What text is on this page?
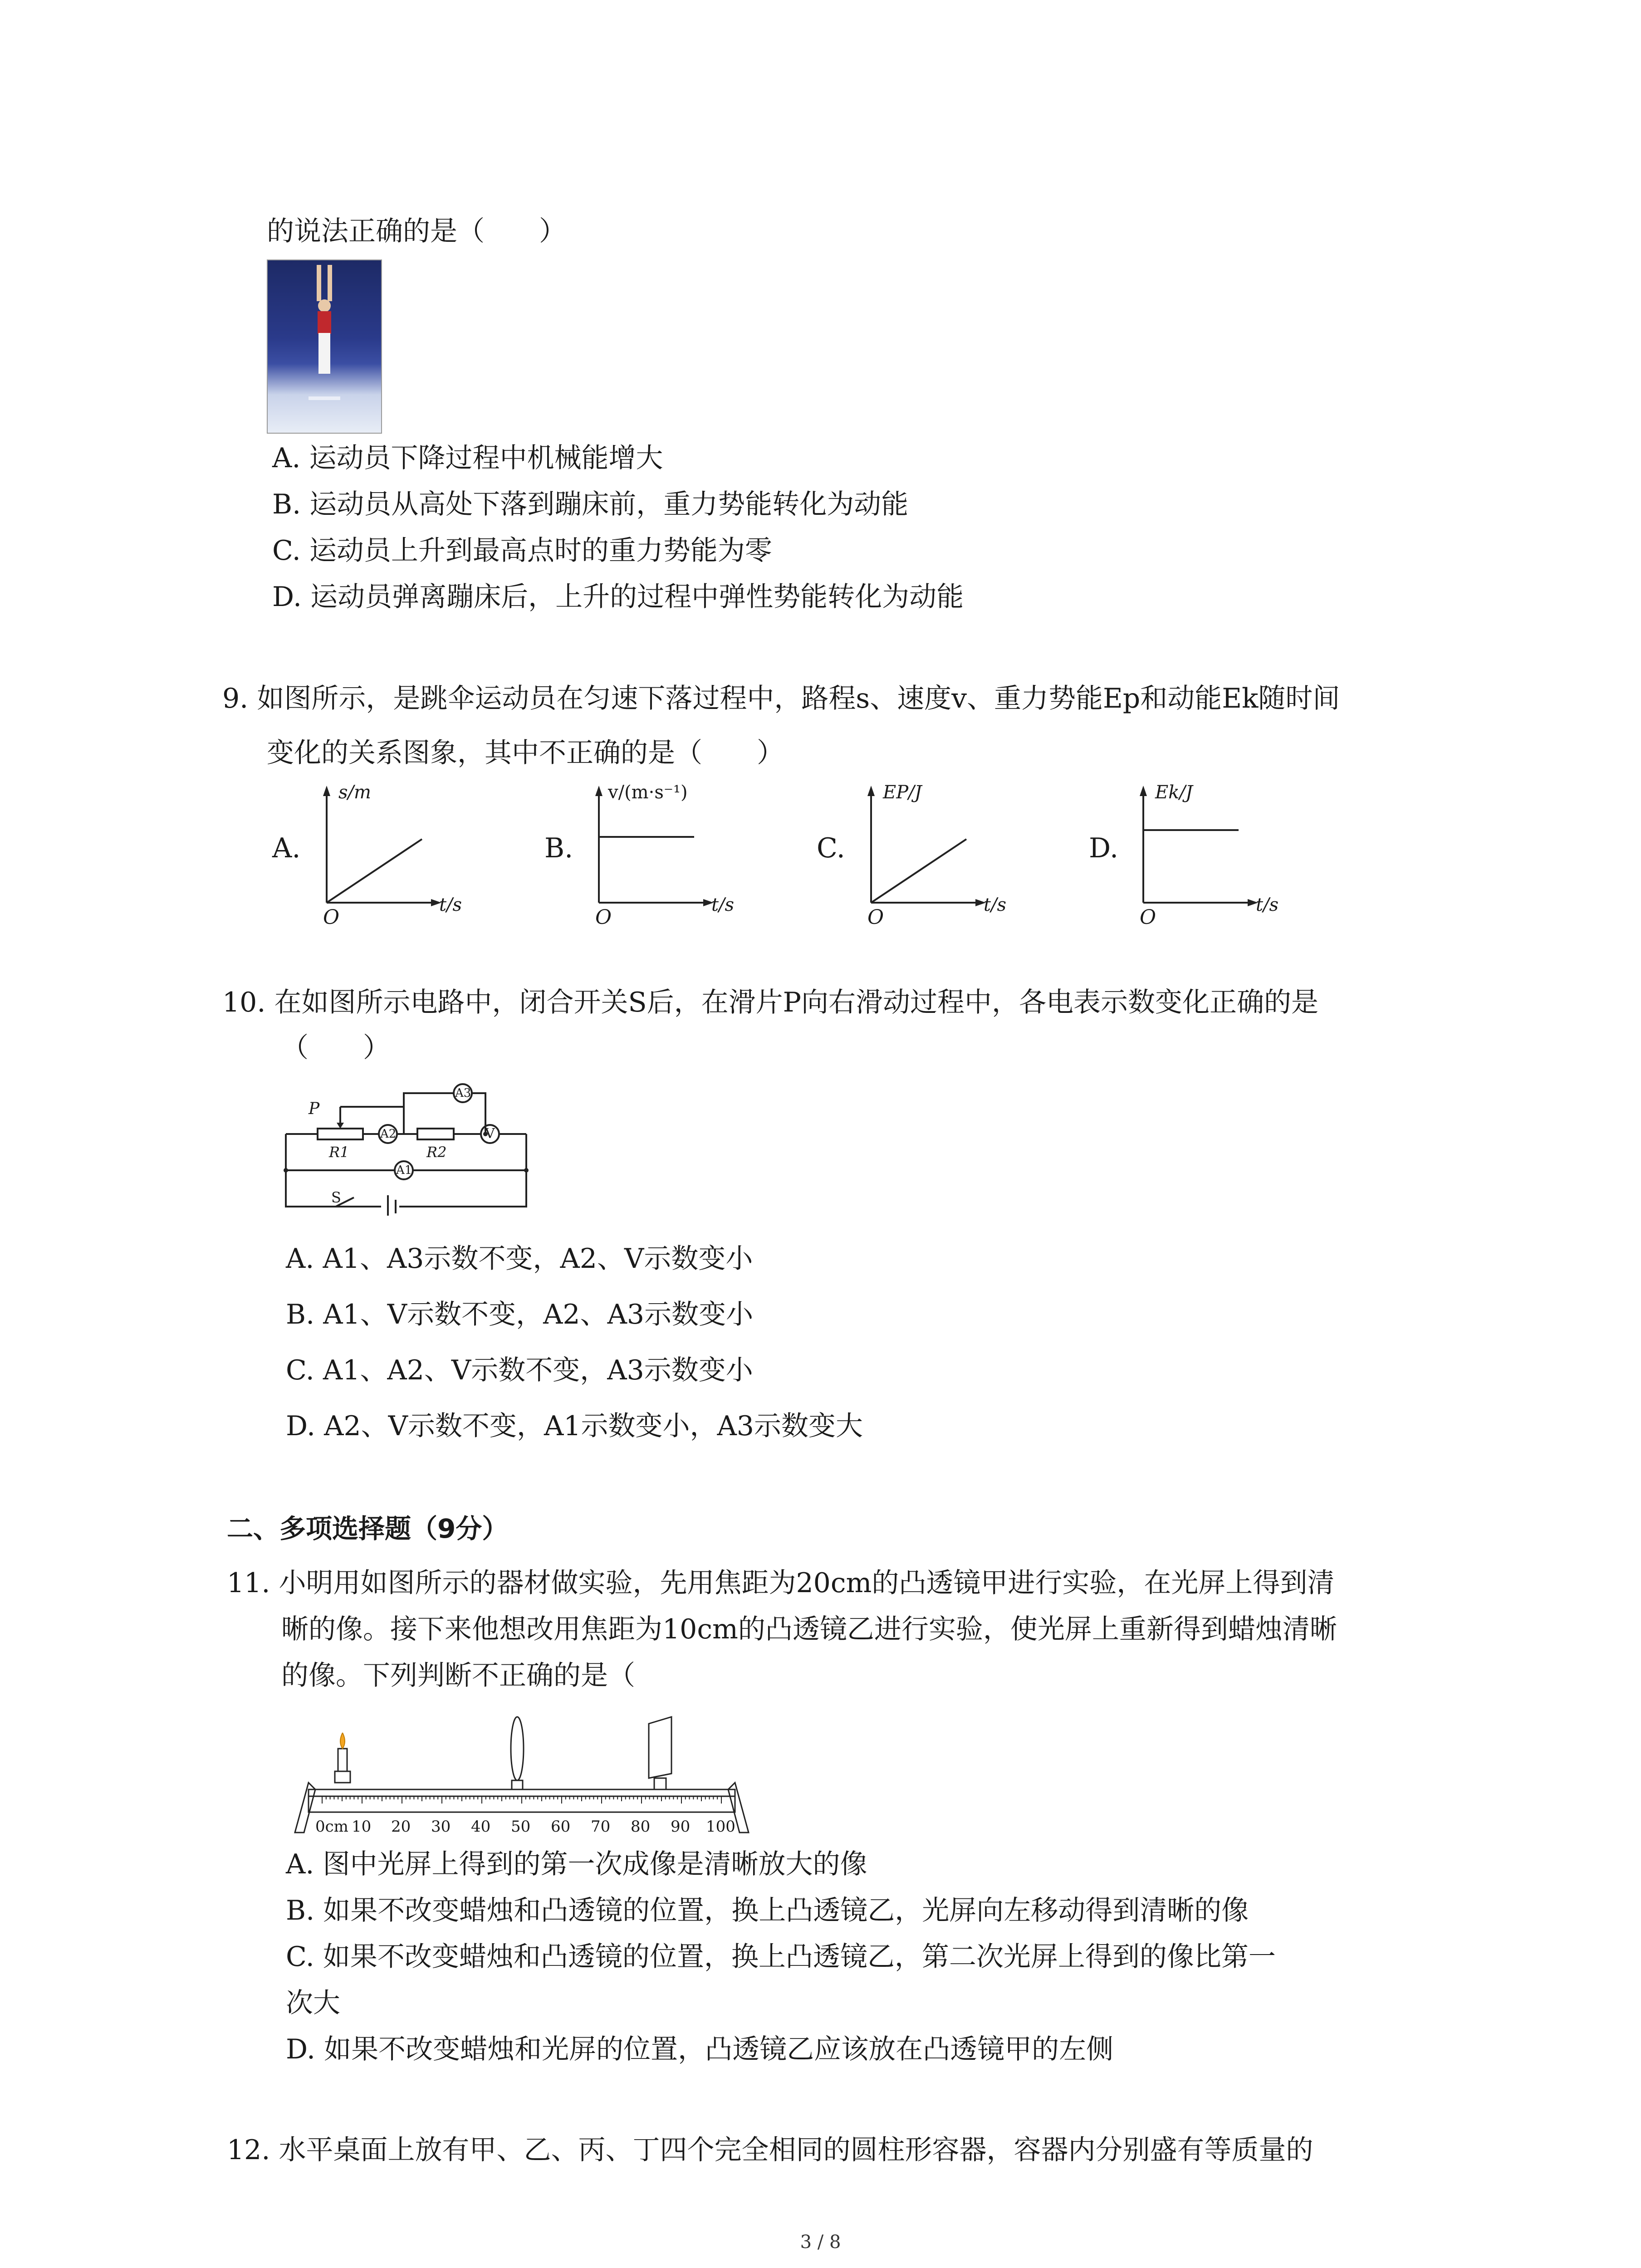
的说法正确的是（　　）
A. 运动员下降过程中机械能增大
B. 运动员从高处下落到蹦床前，重力势能转化为动能
C. 运动员上升到最高点时的重力势能为零
D. 运动员弹离蹦床后，上升的过程中弹性势能转化为动能
9. 如图所示，是跳伞运动员在匀速下落过程中，路程s、速度v、重力势能Ep和动能Ek随时间
变化的关系图象，其中不正确的是（　　）
A.	B.	C.	D.
s/m
t/s
O
v/(m·s⁻¹)
t/s
O
EP/J
t/s
O
Ek/J
t/s
O
10. 在如图所示电路中，闭合开关S后，在滑片P向右滑动过程中，各电表示数变化正确的是
（　　）
P
R1	R2
A2	V
A3
A1
S
A. A1、A3示数不变，A2、V示数变小
B. A1、V示数不变，A2、A3示数变小
C. A1、A2、V示数不变，A3示数变小
D. A2、V示数不变，A1示数变小，A3示数变大
二、多项选择题（9分）
11. 小明用如图所示的器材做实验，先用焦距为20cm的凸透镜甲进行实验，在光屏上得到清
晰的像。接下来他想改用焦距为10cm的凸透镜乙进行实验，使光屏上重新得到蜡烛清晰
的像。下列判断不正确的是（
0cm 10 20 30 40 50 60 70 80 90 100
A. 图中光屏上得到的第一次成像是清晰放大的像
B. 如果不改变蜡烛和凸透镜的位置，换上凸透镜乙，光屏向左移动得到清晰的像
C. 如果不改变蜡烛和凸透镜的位置，换上凸透镜乙，第二次光屏上得到的像比第一
次大
D. 如果不改变蜡烛和光屏的位置，凸透镜乙应该放在凸透镜甲的左侧
12. 水平桌面上放有甲、乙、丙、丁四个完全相同的圆柱形容器，容器内分别盛有等质量的
3 / 8
